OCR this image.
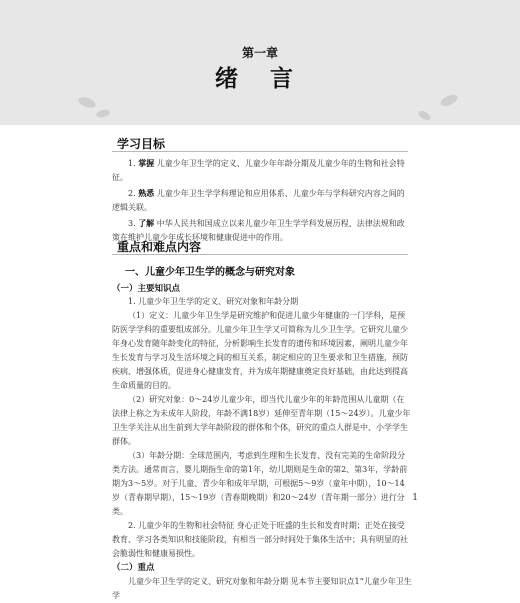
第一章
绪 言
学习目标

1. 掌握 儿童少年卫生学的定义、儿童少年年龄分期及儿童少年的生物和社会特征。

2. 熟悉 儿童少年卫生学学科理论和应用体系、儿童少年与学科研究内容之间的逻辑关联。

3. 了解 中华人民共和国成立以来儿童少年卫生学学科发展历程、法律法规和政策在维护儿童少年成长环境和健康促进中的作用。

重点和难点内容
一、儿童少年卫生学的概念与研究对象
（一）主要知识点

1. 儿童少年卫生学的定义、研究对象和年龄分期

（1）定义：儿童少年卫生学是研究维护和促进儿童少年健康的一门学科，是预防医学学科的重要组成部分。儿童少年卫生学又可简称为儿少卫生学。它研究儿童少年身心发育随年龄变化的特征，分析影响生长发育的遗传和环境因素，阐明儿童少年生长发育与学习及生活环境之间的相互关系，制定相应的卫生要求和卫生措施，预防疾病、增强体质，促进身心健康发育，并为成年期健康奠定良好基础，由此达到提高生命质量的目的。

（2）研究对象：0～24岁儿童少年，即当代儿童少年的年龄范围从儿童期（在法律上称之为未成年人阶段，年龄不满18岁）延伸至青年期（15～24岁）。儿童少年卫生学关注从出生前到大学年龄阶段的群体和个体，研究的重点人群是中、小学学生群体。

（3）年龄分期：全球范围内，考虑到生理和生长发育、没有完美的生命阶段分类方法。通常而言，婴儿期指生命的第1年，幼儿期则是生命的第2、第3年，学龄前期为3～5岁。对于儿童、青少年和成年早期，可根据5～9岁（童年中期），10～14岁（青春期早期），15～19岁（青春期晚期）和20～24岁（青年期一部分）进行分类。

2. 儿童少年的生物和社会特征 身心正处于旺盛的生长和发育时期；正处在接受教育、学习各类知识和技能阶段，有相当一部分时间处于集体生活中；具有明显的社会脆弱性和健康易损性。

（二）重点

儿童少年卫生学的定义、研究对象和年龄分期 见本节主要知识点1“儿童少年卫生学

1
